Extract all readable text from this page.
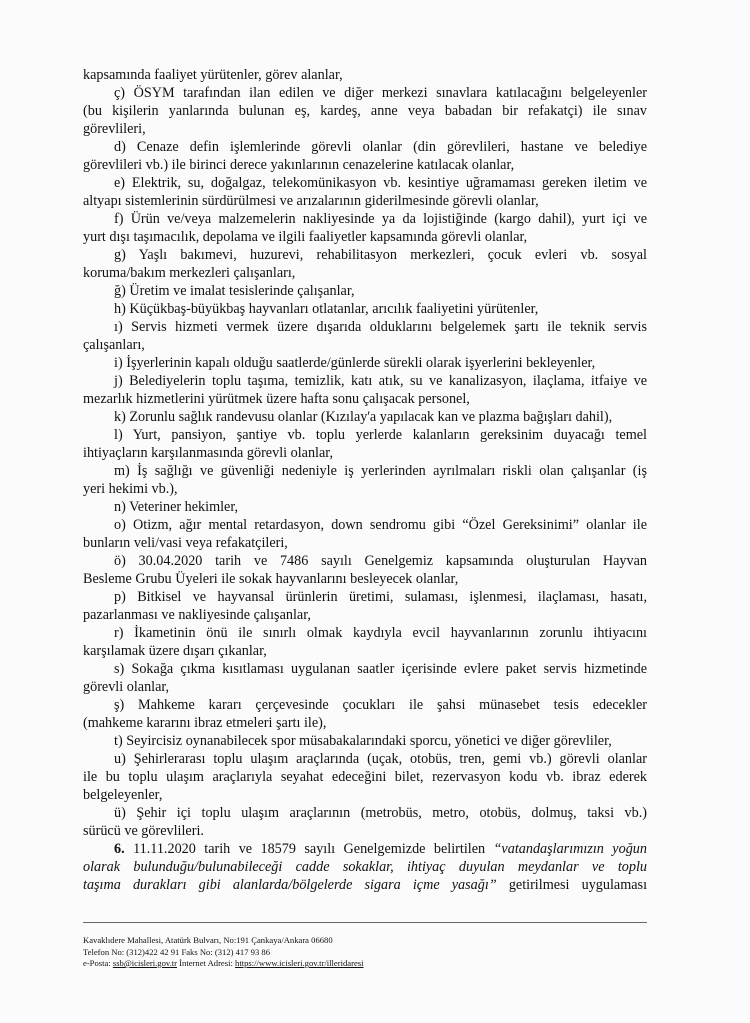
kapsamında faaliyet yürütenler, görev alanlar,
ç) ÖSYM tarafından ilan edilen ve diğer merkezi sınavlara katılacağını belgeleyenler
(bu kişilerin yanlarında bulunan eş, kardeş, anne veya babadan bir refakatçi) ile sınav
görevlileri,
d) Cenaze defin işlemlerinde görevli olanlar (din görevlileri, hastane ve belediye
görevlileri vb.) ile birinci derece yakınlarının cenazelerine katılacak olanlar,
e) Elektrik, su, doğalgaz, telekomünikasyon vb. kesintiye uğramaması gereken iletim ve
altyapı sistemlerinin sürdürülmesi ve arızalarının giderilmesinde görevli olanlar,
f) Ürün ve/veya malzemelerin nakliyesinde ya da lojistiğinde (kargo dahil), yurt içi ve
yurt dışı taşımacılık, depolama ve ilgili faaliyetler kapsamında görevli olanlar,
g) Yaşlı bakımevi, huzurevi, rehabilitasyon merkezleri, çocuk evleri vb. sosyal
koruma/bakım merkezleri çalışanları,
ğ) Üretim ve imalat tesislerinde çalışanlar,
h) Küçükbaş-büyükbaş hayvanları otlatanlar, arıcılık faaliyetini yürütenler,
ı) Servis hizmeti vermek üzere dışarıda olduklarını belgelemek şartı ile teknik servis
çalışanları,
i) İşyerlerinin kapalı olduğu saatlerde/günlerde sürekli olarak işyerlerini bekleyenler,
j) Belediyelerin toplu taşıma, temizlik, katı atık, su ve kanalizasyon, ilaçlama, itfaiye ve
mezarlık hizmetlerini yürütmek üzere hafta sonu çalışacak personel,
k) Zorunlu sağlık randevusu olanlar (Kızılay'a yapılacak kan ve plazma bağışları dahil),
l) Yurt, pansiyon, şantiye vb. toplu yerlerde kalanların gereksinim duyacağı temel
ihtiyaçların karşılanmasında görevli olanlar,
m) İş sağlığı ve güvenliği nedeniyle iş yerlerinden ayrılmaları riskli olan çalışanlar (iş
yeri hekimi vb.),
n) Veteriner hekimler,
o) Otizm, ağır mental retardasyon, down sendromu gibi “Özel Gereksinimi” olanlar ile
bunların veli/vasi veya refakatçileri,
ö) 30.04.2020 tarih ve 7486 sayılı Genelgemiz kapsamında oluşturulan Hayvan
Besleme Grubu Üyeleri ile sokak hayvanlarını besleyecek olanlar,
p) Bitkisel ve hayvansal ürünlerin üretimi, sulaması, işlenmesi, ilaçlaması, hasatı,
pazarlanması ve nakliyesinde çalışanlar,
r) İkametinin önü ile sınırlı olmak kaydıyla evcil hayvanlarının zorunlu ihtiyacını
karşılamak üzere dışarı çıkanlar,
s) Sokağa çıkma kısıtlaması uygulanan saatler içerisinde evlere paket servis hizmetinde
görevli olanlar,
ş) Mahkeme kararı çerçevesinde çocukları ile şahsi münasebet tesis edecekler
(mahkeme kararını ibraz etmeleri şartı ile),
t) Seyircisiz oynanabilecek spor müsabakalarındaki sporcu, yönetici ve diğer görevliler,
u) Şehirlerarası toplu ulaşım araçlarında (uçak, otobüs, tren, gemi vb.) görevli olanlar
ile bu toplu ulaşım araçlarıyla seyahat edeceğini bilet, rezervasyon kodu vb. ibraz ederek
belgeleyenler,
ü) Şehir içi toplu ulaşım araçlarının (metrobüs, metro, otobüs, dolmuş, taksi vb.)
sürücü ve görevlileri.
6. 11.11.2020 tarih ve 18579 sayılı Genelgemizde belirtilen “vatandaşlarımızın yoğun
olarak bulunduğu/bulunabileceği cadde sokaklar, ihtiyaç duyulan meydanlar ve toplu
taşıma durakları gibi alanlarda/bölgelerde sigara içme yasağı” getirilmesi uygulaması
Kavaklıdere Mahallesi, Atatürk Bulvarı, No:191 Çankaya/Ankara 06680
Telefon No: (312)422 42 91 Faks No: (312) 417 93 86
e-Posta: ssb@icisleri.gov.tr İnternet Adresi: https://www.icisleri.gov.tr/illeridaresi
